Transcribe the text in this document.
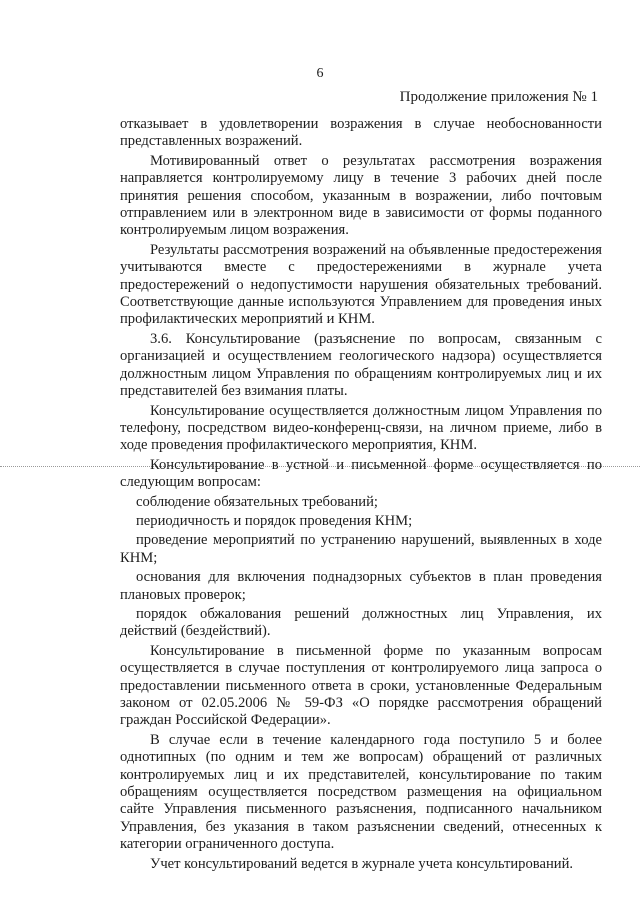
6
Продолжение приложения № 1

отказывает в удовлетворении возражения в случае необоснованности представленных возражений.

Мотивированный ответ о результатах рассмотрения возражения направляется контролируемому лицу в течение 3 рабочих дней после принятия решения способом, указанным в возражении, либо почтовым отправлением или в электронном виде в зависимости от формы поданного контролируемым лицом возражения.

Результаты рассмотрения возражений на объявленные предостережения учитываются вместе с предостережениями в журнале учета предостережений о недопустимости нарушения обязательных требований. Соответствующие данные используются Управлением для проведения иных профилактических мероприятий и КНМ.

3.6. Консультирование (разъяснение по вопросам, связанным с организацией и осуществлением геологического надзора) осуществляется должностным лицом Управления по обращениям контролируемых лиц и их представителей без взимания платы.

Консультирование осуществляется должностным лицом Управления по телефону, посредством видео-конференц-связи, на личном приеме, либо в ходе проведения профилактического мероприятия, КНМ.

Консультирование в устной и письменной форме осуществляется по следующим вопросам:

соблюдение обязательных требований;

периодичность и порядок проведения КНМ;

проведение мероприятий по устранению нарушений, выявленных в ходе КНМ;

основания для включения поднадзорных субъектов в план проведения плановых проверок;

порядок обжалования решений должностных лиц Управления, их действий (бездействий).

Консультирование в письменной форме по указанным вопросам осуществляется в случае поступления от контролируемого лица запроса о предоставлении письменного ответа в сроки, установленные Федеральным законом от 02.05.2006 № 59-ФЗ «О порядке рассмотрения обращений граждан Российской Федерации».

В случае если в течение календарного года поступило 5 и более однотипных (по одним и тем же вопросам) обращений от различных контролируемых лиц и их представителей, консультирование по таким обращениям осуществляется посредством размещения на официальном сайте Управления письменного разъяснения, подписанного начальником Управления, без указания в таком разъяснении сведений, отнесенных к категории ограниченного доступа.

Учет консультирований ведется в журнале учета консультирований.
